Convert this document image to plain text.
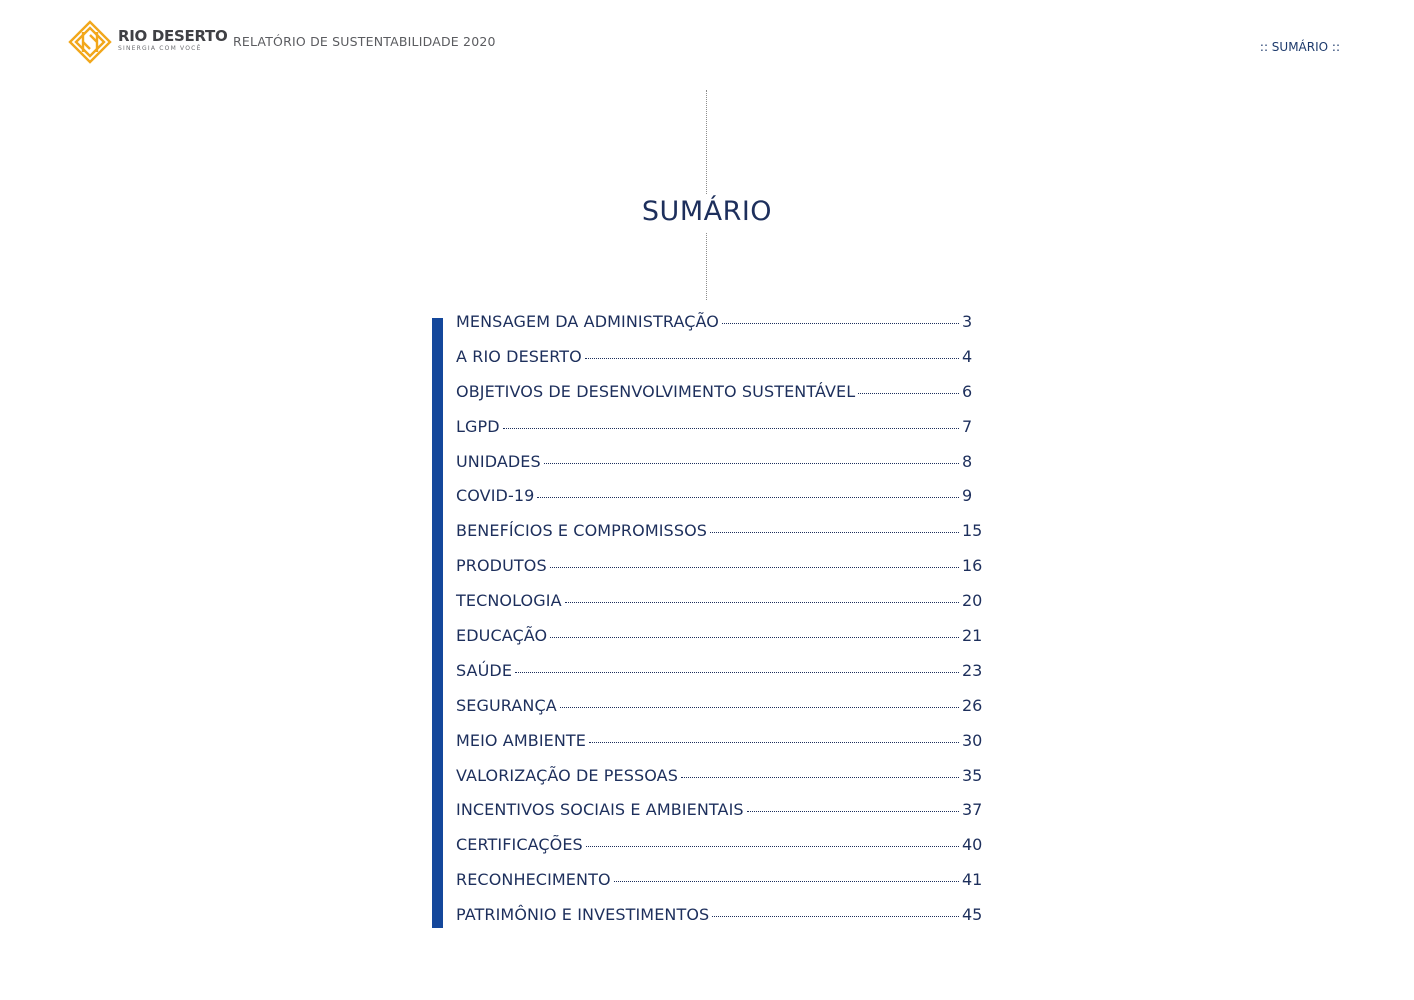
RIO DESERTO
SINERGIA COM VOCÊ	RELATÓRIO DE SUSTENTABILIDADE 2020	:: SUMÁRIO ::
SUMÁRIO
MENSAGEM DA ADMINISTRAÇÃO	3
A RIO DESERTO	4
OBJETIVOS DE DESENVOLVIMENTO SUSTENTÁVEL	6
LGPD	7
UNIDADES	8
COVID-19	9
BENEFÍCIOS E COMPROMISSOS	15
PRODUTOS	16
TECNOLOGIA	20
EDUCAÇÃO	21
SAÚDE	23
SEGURANÇA	26
MEIO AMBIENTE	30
VALORIZAÇÃO DE PESSOAS	35
INCENTIVOS SOCIAIS E AMBIENTAIS	37
CERTIFICAÇÕES	40
RECONHECIMENTO	41
PATRIMÔNIO E INVESTIMENTOS	45
